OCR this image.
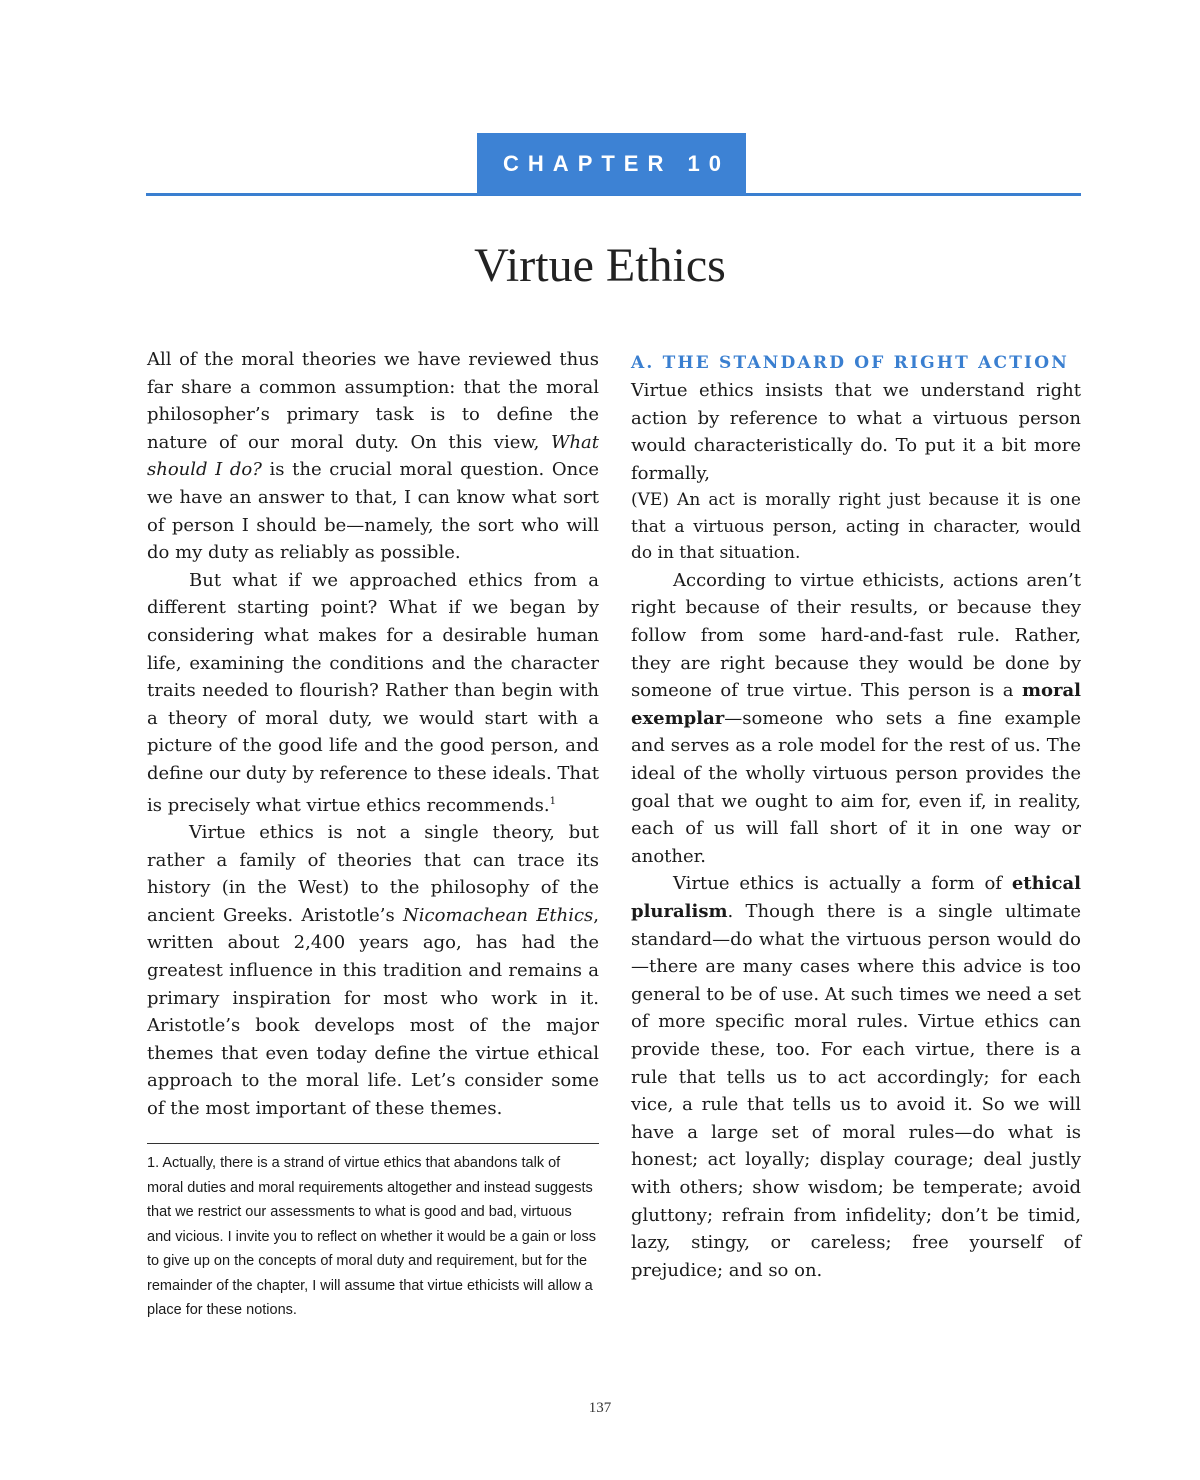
CHAPTER 10
Virtue Ethics

All of the moral theories we have reviewed thus far share a common assumption: that the moral philosopher’s primary task is to define the nature of our moral duty. On this view, What should I do? is the crucial moral question. Once we have an answer to that, I can know what sort of person I should be—namely, the sort who will do my duty as reliably as possible.

But what if we approached ethics from a different starting point? What if we began by considering what makes for a desirable human life, examining the conditions and the character traits needed to flourish? Rather than begin with a theory of moral duty, we would start with a picture of the good life and the good person, and define our duty by reference to these ideals. That is precisely what virtue ethics recommends.$^1$

Virtue ethics is not a single theory, but rather a family of theories that can trace its history (in the West) to the philosophy of the ancient Greeks. Aristotle’s Nicomachean Ethics, written about 2,400 years ago, has had the greatest influence in this tradition and remains a primary inspiration for most who work in it. Aristotle’s book develops most of the major themes that even today define the virtue ethical approach to the moral life. Let’s consider some of the most important of these themes.

1. Actually, there is a strand of virtue ethics that abandons talk of moral duties and moral requirements altogether and instead suggests that we restrict our assessments to what is good and bad, virtuous and vicious. I invite you to reflect on whether it would be a gain or loss to give up on the concepts of moral duty and requirement, but for the remainder of the chapter, I will assume that virtue ethicists will allow a place for these notions.

A. THE STANDARD OF RIGHT ACTION

Virtue ethics insists that we understand right action by reference to what a virtuous person would characteristically do. To put it a bit more formally,

(VE) An act is morally right just because it is one that a virtuous person, acting in character, would do in that situation.

According to virtue ethicists, actions aren’t right because of their results, or because they follow from some hard-and-fast rule. Rather, they are right because they would be done by someone of true virtue. This person is a moral exemplar—someone who sets a fine example and serves as a role model for the rest of us. The ideal of the wholly virtuous person provides the goal that we ought to aim for, even if, in reality, each of us will fall short of it in one way or another.

Virtue ethics is actually a form of ethical pluralism. Though there is a single ultimate standard—do what the virtuous person would do—there are many cases where this advice is too general to be of use. At such times we need a set of more specific moral rules. Virtue ethics can provide these, too. For each virtue, there is a rule that tells us to act accordingly; for each vice, a rule that tells us to avoid it. So we will have a large set of moral rules—do what is honest; act loyally; display courage; deal justly with others; show wisdom; be temperate; avoid gluttony; refrain from infidelity; don’t be timid, lazy, stingy, or careless; free yourself of prejudice; and so on.

137
